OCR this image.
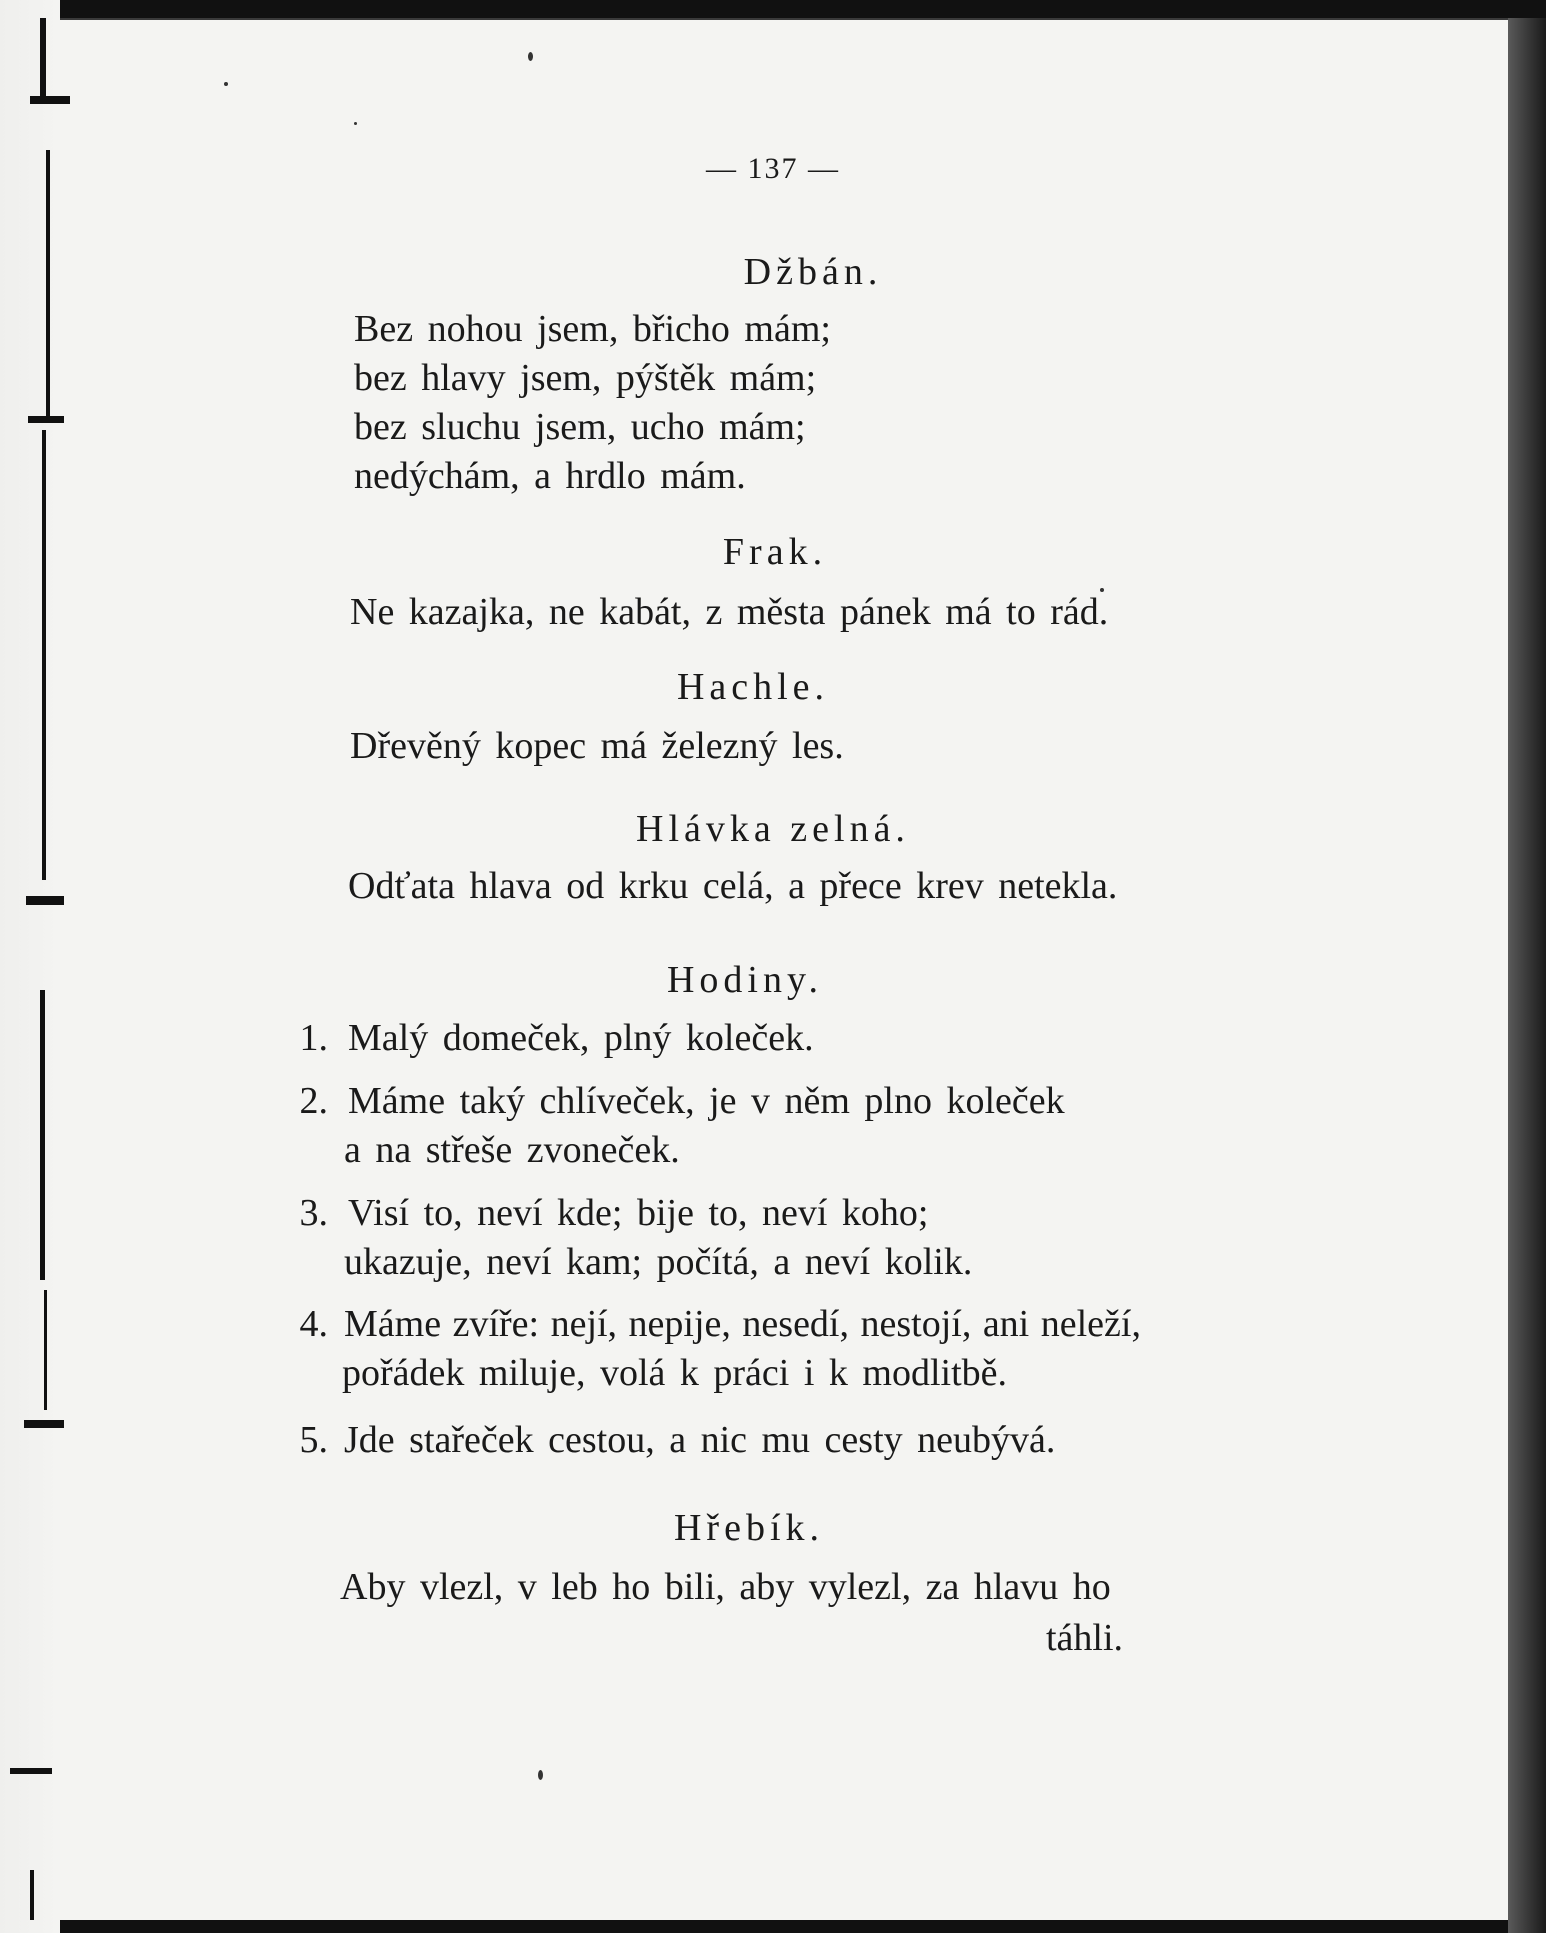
— 137 —
Džbán.
Bez nohou jsem, břicho mám;
bez hlavy jsem, pýštěk mám;
bez sluchu jsem, ucho mám;
nedýchám, a hrdlo mám.
Frak.
Ne kazajka, ne kabát, z města pánek má to rád.
Hachle.
Dřevěný kopec má železný les.
Hlávka zelná.
Odťata hlava od krku celá, a přece krev netekla.
Hodiny.
1. Malý domeček, plný koleček.
2. Máme taký chlíveček, je v něm plno koleček
a na střeše zvoneček.
3. Visí to, neví kde; bije to, neví koho;
ukazuje, neví kam; počítá, a neví kolik.
4. Máme zvíře: nejí, nepije, nesedí, nestojí, ani neleží,
pořádek miluje, volá k práci i k modlitbě.
5. Jde stařeček cestou, a nic mu cesty neubývá.
Hřebík.
Aby vlezl, v leb ho bili, aby vylezl, za hlavu ho
táhli.
